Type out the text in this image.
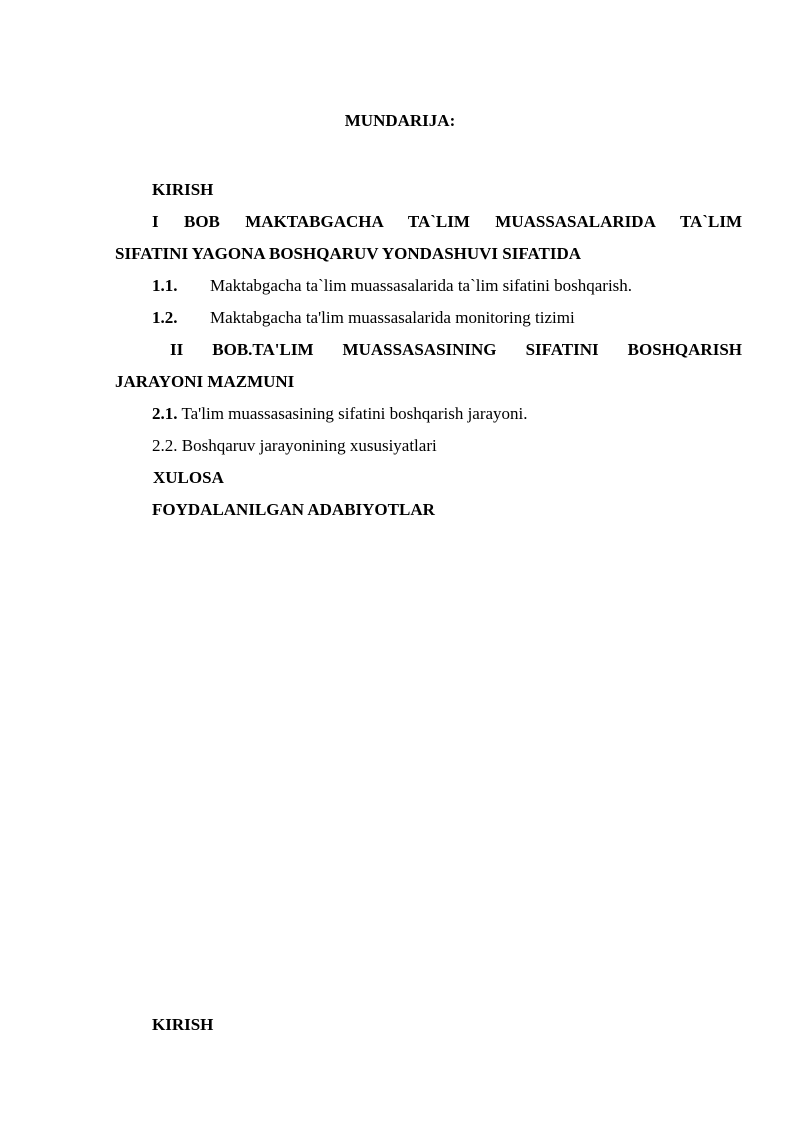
MUNDARIJA:
KIRISH
I BOB MAKTABGACHA TA`LIM MUASSASALARIDA TA`LIM
SIFATINI YAGONA BOSHQARUV YONDASHUVI SIFATIDA
1.1. Maktabgacha ta`lim muassasalarida ta`lim sifatini boshqarish.
1.2. Maktabgacha ta'lim muassasalarida monitoring tizimi
II BOB.TA'LIM MUASSASASINING SIFATINI BOSHQARISH
JARAYONI MAZMUNI
2.1. Ta'lim muassasasining sifatini boshqarish jarayoni.
2.2. Boshqaruv jarayonining xususiyatlari
XULOSA
FOYDALANILGAN ADABIYOTLAR
KIRISH
